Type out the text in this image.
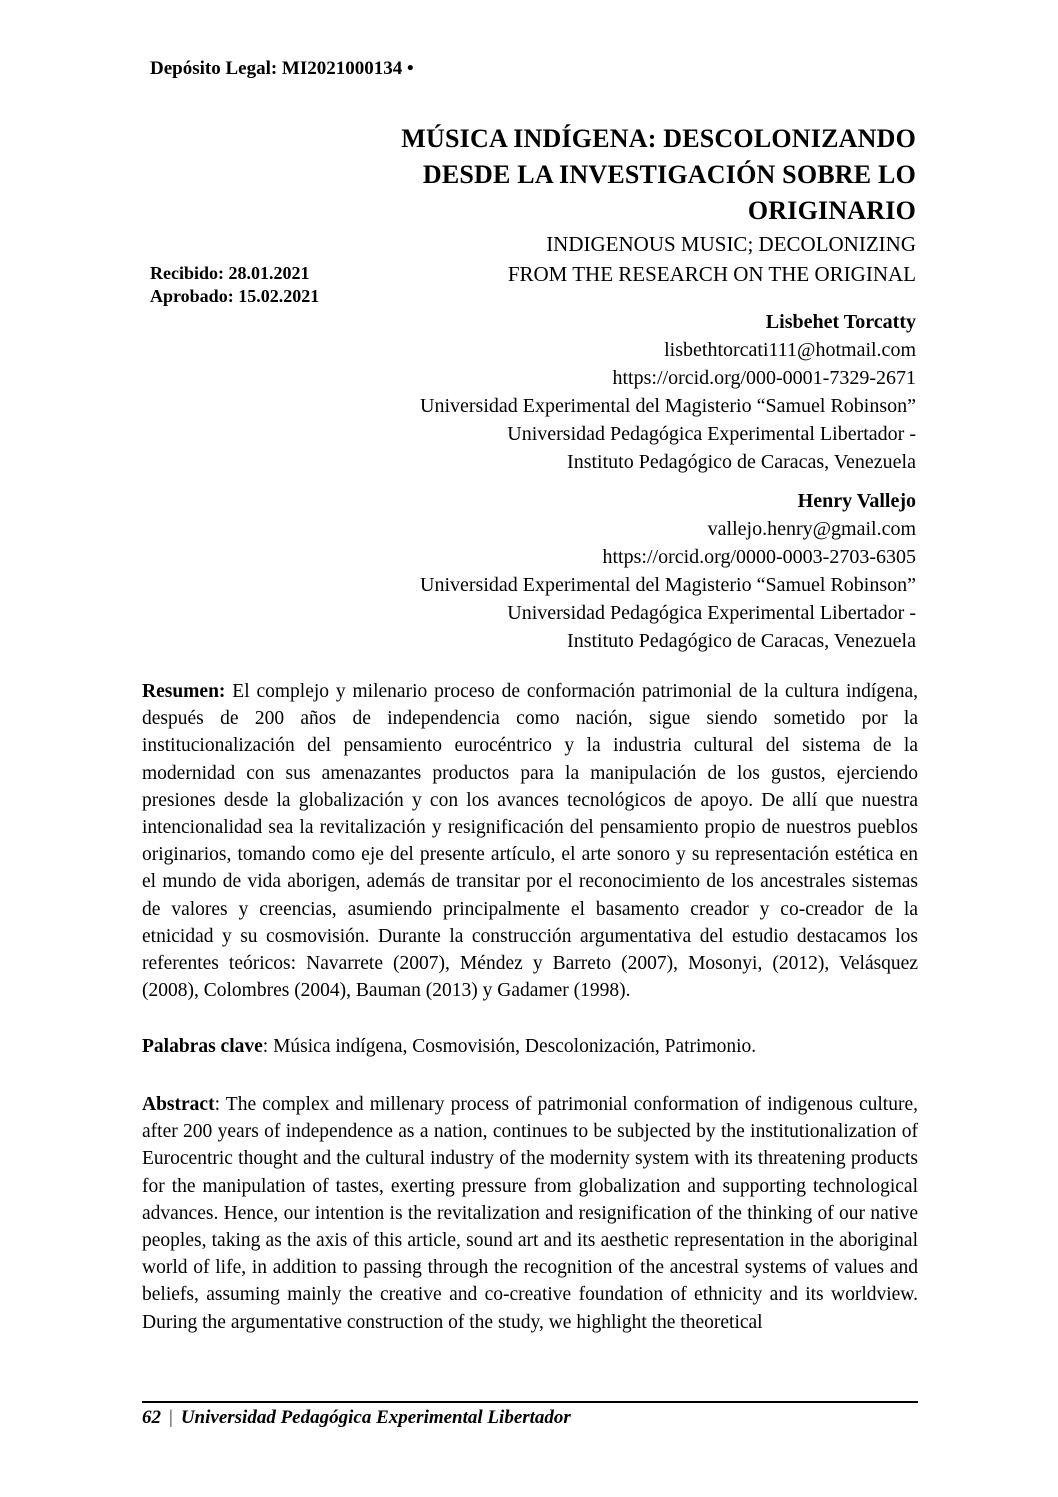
Depósito Legal: MI2021000134 •
MÚSICA INDÍGENA: DESCOLONIZANDO
DESDE LA INVESTIGACIÓN SOBRE LO
ORIGINARIO
INDIGENOUS MUSIC; DECOLONIZING
FROM THE RESEARCH ON THE ORIGINAL
Recibido: 28.01.2021
Aprobado: 15.02.2021
Lisbehet Torcatty
lisbethtorcati111@hotmail.com
https://orcid.org/000-0001-7329-2671
Universidad Experimental del Magisterio “Samuel Robinson”
Universidad Pedagógica Experimental Libertador -
Instituto Pedagógico de Caracas, Venezuela
Henry Vallejo
vallejo.henry@gmail.com
https://orcid.org/0000-0003-2703-6305
Universidad Experimental del Magisterio “Samuel Robinson”
Universidad Pedagógica Experimental Libertador -
Instituto Pedagógico de Caracas, Venezuela

Resumen: El complejo y milenario proceso de conformación patrimonial de la cultura indígena, después de 200 años de independencia como nación, sigue siendo sometido por la institucionalización del pensamiento eurocéntrico y la industria cultural del sistema de la modernidad con sus amenazantes productos para la manipulación de los gustos, ejerciendo presiones desde la globalización y con los avances tecnológicos de apoyo. De allí que nuestra intencionalidad sea la revitalización y resignificación del pensamiento propio de nuestros pueblos originarios, tomando como eje del presente artículo, el arte sonoro y su representación estética en el mundo de vida aborigen, además de transitar por el reconocimiento de los ancestrales sistemas de valores y creencias, asumiendo principalmente el basamento creador y co-creador de la etnicidad y su cosmovisión. Durante la construcción argumentativa del estudio destacamos los referentes teóricos: Navarrete (2007), Méndez y Barreto (2007), Mosonyi, (2012), Velásquez (2008), Colombres (2004), Bauman (2013) y Gadamer (1998).

Palabras clave: Música indígena, Cosmovisión, Descolonización, Patrimonio.

Abstract: The complex and millenary process of patrimonial conformation of indigenous culture, after 200 years of independence as a nation, continues to be subjected by the institutionalization of Eurocentric thought and the cultural industry of the modernity system with its threatening products for the manipulation of tastes, exerting pressure from globalization and supporting technological advances. Hence, our intention is the revitalization and resignification of the thinking of our native peoples, taking as the axis of this article, sound art and its aesthetic representation in the aboriginal world of life, in addition to passing through the recognition of the ancestral systems of values and beliefs, assuming mainly the creative and co-creative foundation of ethnicity and its worldview. During the argumentative construction of the study, we highlight the theoretical

62 | Universidad Pedagógica Experimental Libertador
